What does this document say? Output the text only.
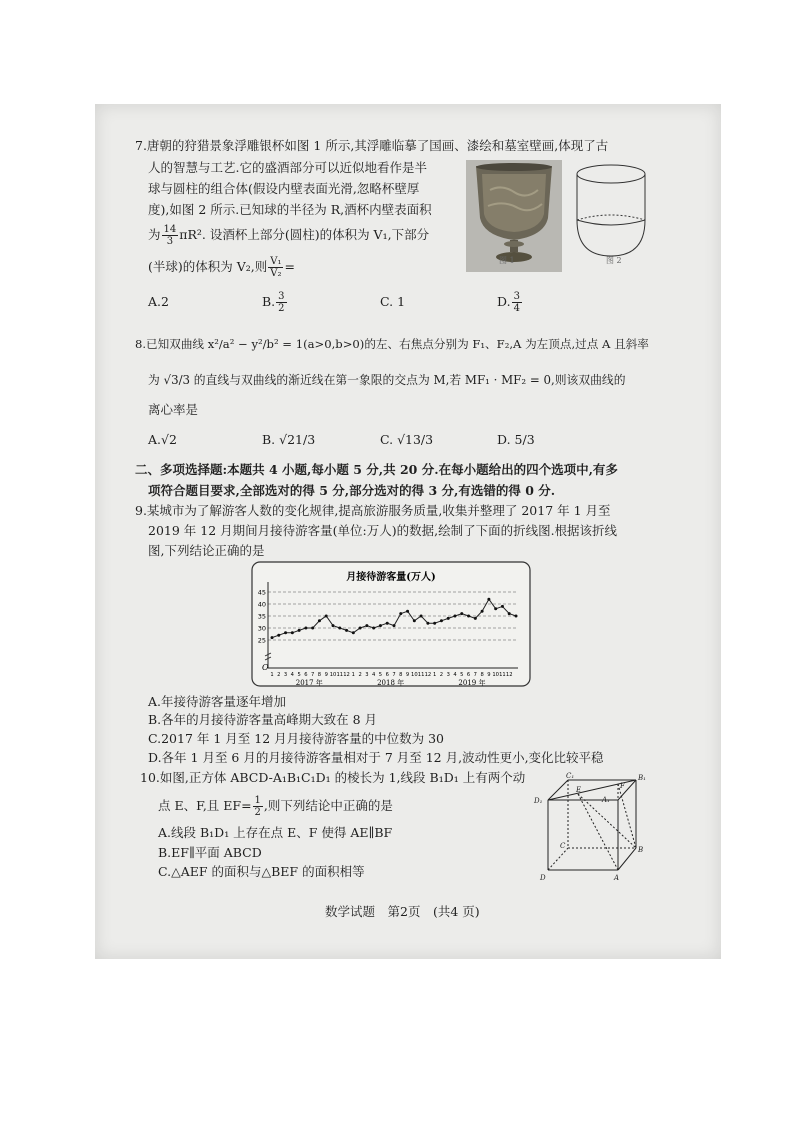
7.唐朝的狩猎景象浮雕银杯如图 1 所示,其浮雕临摹了国画、漆绘和墓室壁画,体现了古
人的智慧与工艺.它的盛酒部分可以近似地看作是半
球与圆柱的组合体(假设内壁表面光滑,忽略杯壁厚
度),如图 2 所示.已知球的半径为 R,酒杯内壁表面积
为 $\frac{14}{3} \pi R^2$. 设酒杯上部分(圆柱)的体积为 V₁,下部分
(半球)的体积为 V₂,则 $\frac{\text{V₁}}{\text{V₂}}$ =	图 1	图 2
A.2	B. $\frac{3}{2}$	C. 1	D. $\frac{3}{4}$
8.已知双曲线 x²/a² − y²/b² = 1(a>0,b>0)的左、右焦点分别为 F₁、F₂,A 为左顶点,过点 A 且斜率
为 √3/3 的直线与双曲线的渐近线在第一象限的交点为 M,若 MF₁ · MF₂ = 0,则该双曲线的
离心率是
A.√2	B. √21/3	C. √13/3	D. 5/3
二、多项选择题:本题共 4 小题,每小题 5 分,共 20 分.在每小题给出的四个选项中,有多
项符合题目要求,全部选对的得 5 分,部分选对的得 3 分,有选错的得 0 分.
9.某城市为了解游客人数的变化规律,提高旅游服务质量,收集并整理了 2017 年 1 月至
2019 年 12 月期间月接待游客量(单位:万人)的数据,绘制了下面的折线图.根据该折线
图,下列结论正确的是
月接待游客量(万人)
45
40
35
30
25
1 2 3 4 5 6 7 8 9 10 11 12 1 2 3 4 5 6 7 8 9 10 11 12 1 2 3 4 5 6 7 8 9 10 11 12
2017 年	2018 年	2019 年
O
A.年接待游客量逐年增加
B.各年的月接待游客量高峰期大致在 8 月
C.2017 年 1 月至 12 月月接待游客量的中位数为 30
D.各年 1 月至 6 月的月接待游客量相对于 7 月至 12 月,波动性更小,变化比较平稳
10.如图,正方体 ABCD-A₁B₁C₁D₁ 的棱长为 1,线段 B₁D₁ 上有两个动
点 E、F,且 $EF= \frac{1}{2}$ ,则下列结论中正确的是
A.线段 B₁D₁ 上存在点 E、F 使得 AE∥BF
B.EF∥平面 ABCD
C.△AEF 的面积与△BEF 的面积相等
C₁	B₁
D₁	A₁
E	F
C	B
D	A
数学试题　第2页　(共4 页)
